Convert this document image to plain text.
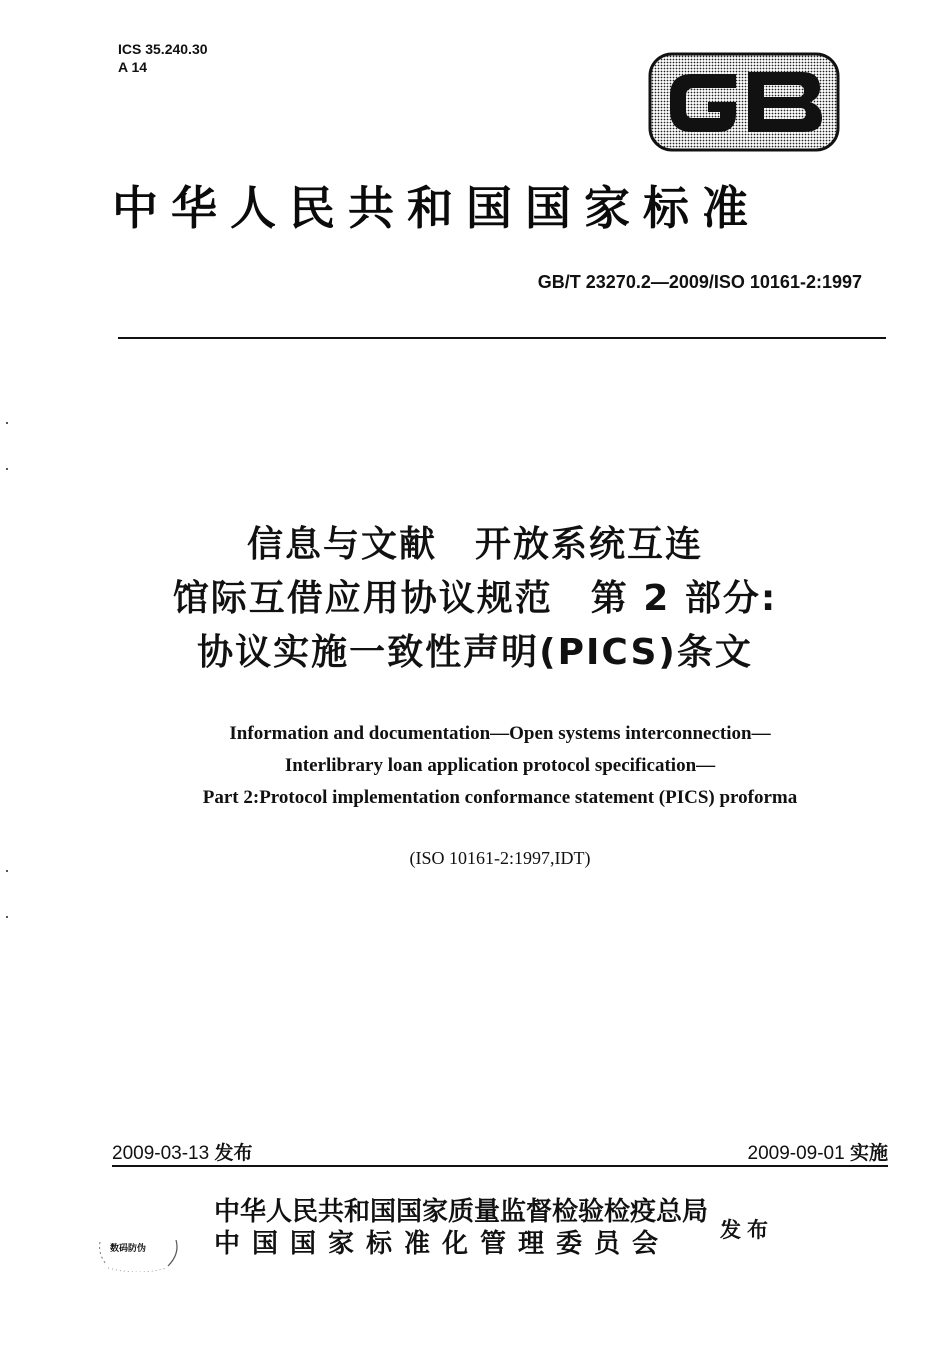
ICS 35.240.30
A 14
中华人民共和国国家标准
GB/T 23270.2—2009/ISO 10161-2:1997
信息与文献　开放系统互连
馆际互借应用协议规范　第 2 部分:
协议实施一致性声明(PICS)条文
Information and documentation—Open systems interconnection—
Interlibrary loan application protocol specification—
Part 2:Protocol implementation conformance statement (PICS) proforma
(ISO 10161-2:1997,IDT)
2009-03-13 发布	2009-09-01 实施
中华人民共和国国家质量监督检验检疫总局
中国国家标准化管理委员会	发布
数码防伪
